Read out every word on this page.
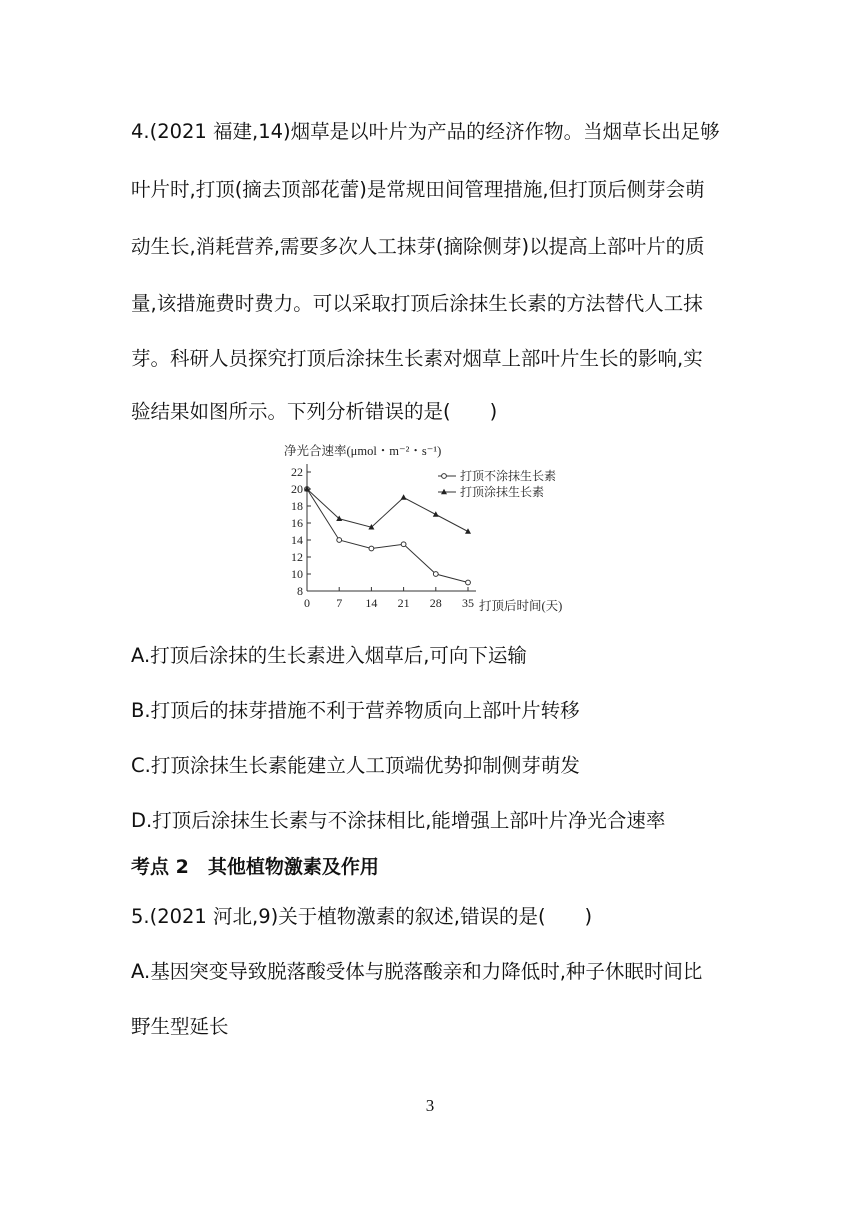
4.(2021 福建,14)烟草是以叶片为产品的经济作物。当烟草长出足够

叶片时,打顶(摘去顶部花蕾)是常规田间管理措施,但打顶后侧芽会萌

动生长,消耗营养,需要多次人工抹芽(摘除侧芽)以提高上部叶片的质

量,该措施费时费力。可以采取打顶后涂抹生长素的方法替代人工抹

芽。科研人员探究打顶后涂抹生长素对烟草上部叶片生长的影响,实

验结果如图所示。下列分析错误的是(　　)

8
10
12
14
16
18
20
22
0 7 14 21 28 35
打顶不涂抹生长素
打顶涂抹生长素
净光合速率(μmol・m⁻²・s⁻¹)
打顶后时间(天)

A.打顶后涂抹的生长素进入烟草后,可向下运输

B.打顶后的抹芽措施不利于营养物质向上部叶片转移

C.打顶涂抹生长素能建立人工顶端优势抑制侧芽萌发

D.打顶后涂抹生长素与不涂抹相比,能增强上部叶片净光合速率

考点 2　其他植物激素及作用

5.(2021 河北,9)关于植物激素的叙述,错误的是(　　)

A.基因突变导致脱落酸受体与脱落酸亲和力降低时,种子休眠时间比

野生型延长

3
